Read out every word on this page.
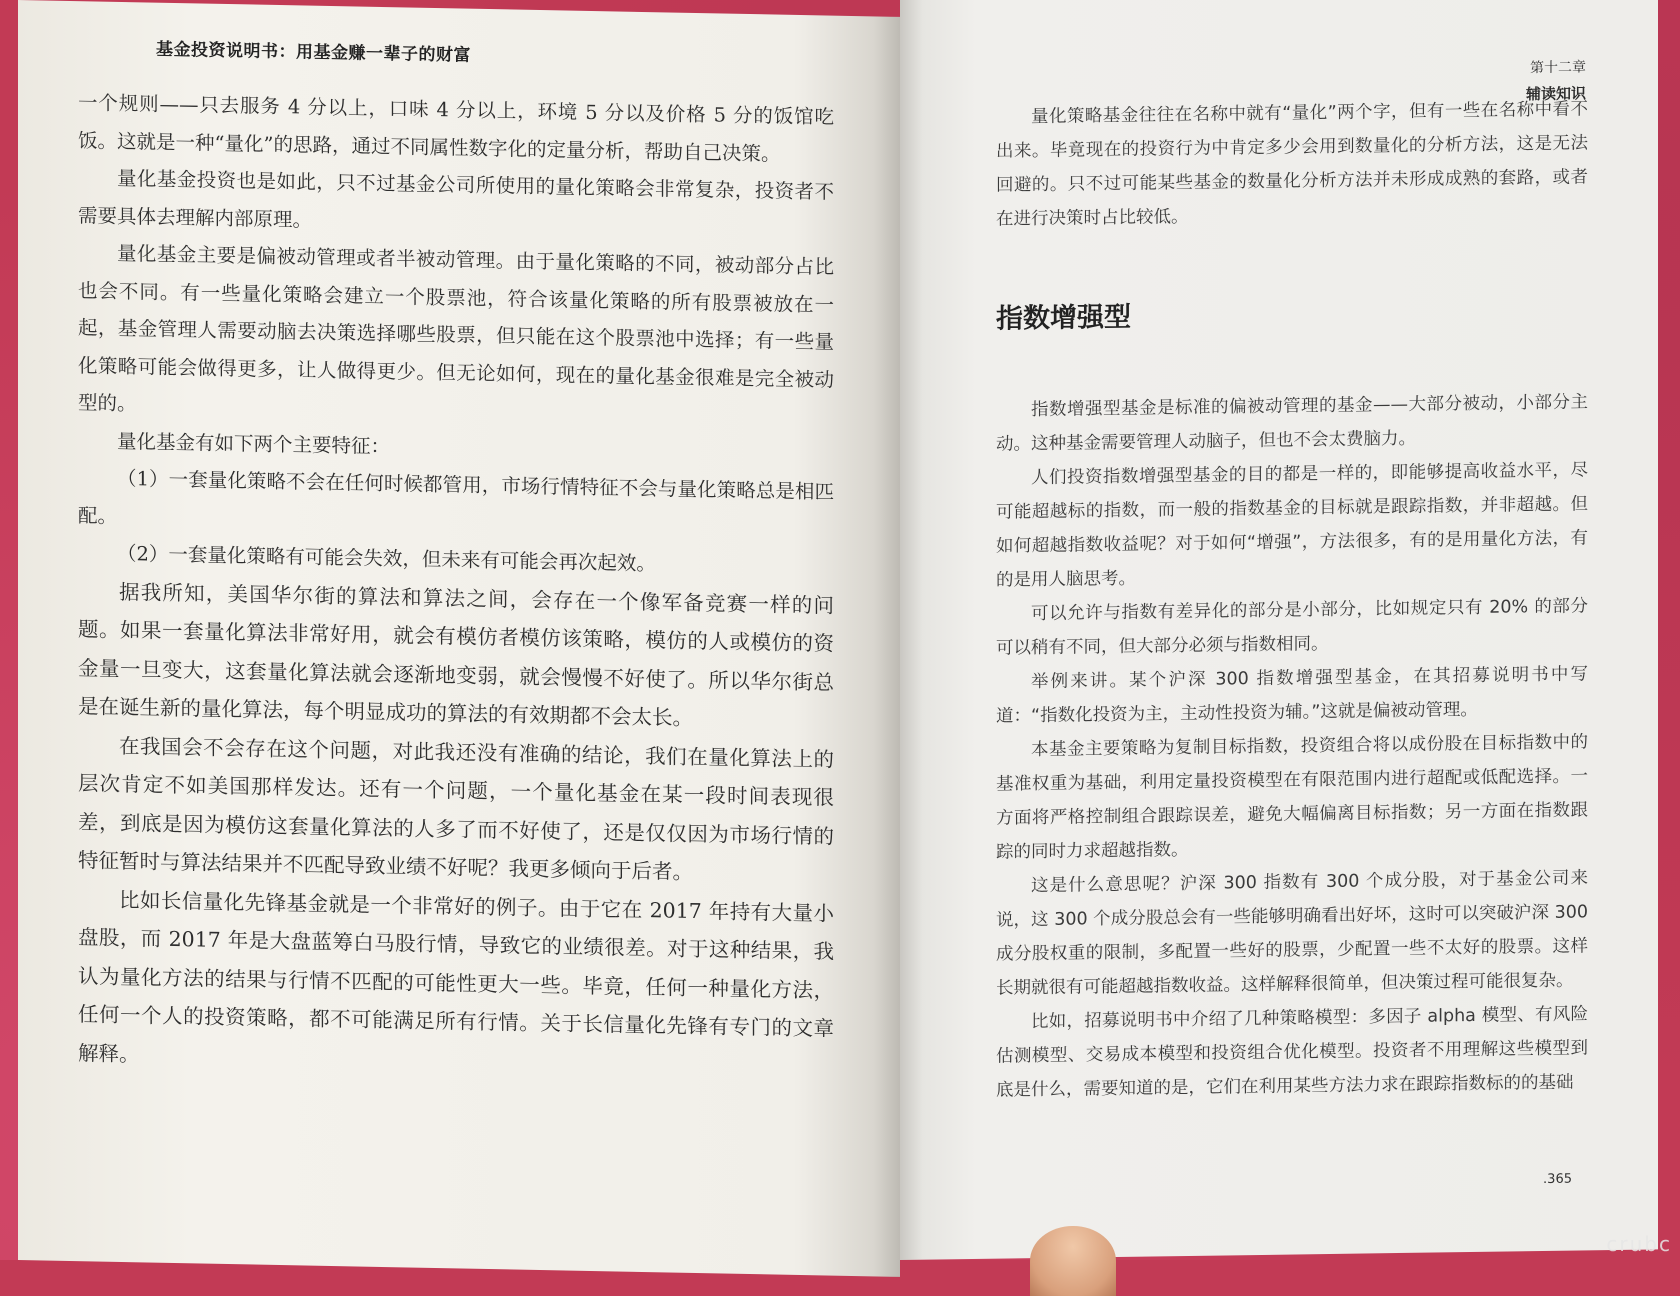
基金投资说明书：用基金赚一辈子的财富

一个规则——只去服务 4 分以上，口味 4 分以上，环境 5 分以及价格 5 分的饭馆吃饭。这就是一种“量化”的思路，通过不同属性数字化的定量分析，帮助自己决策。

量化基金投资也是如此，只不过基金公司所使用的量化策略会非常复杂，投资者不需要具体去理解内部原理。

量化基金主要是偏被动管理或者半被动管理。由于量化策略的不同，被动部分占比也会不同。有一些量化策略会建立一个股票池，符合该量化策略的所有股票被放在一起，基金管理人需要动脑去决策选择哪些股票，但只能在这个股票池中选择；有一些量化策略可能会做得更多，让人做得更少。但无论如何，现在的量化基金很难是完全被动型的。

量化基金有如下两个主要特征：

（1）一套量化策略不会在任何时候都管用，市场行情特征不会与量化策略总是相匹配。

（2）一套量化策略有可能会失效，但未来有可能会再次起效。

据我所知，美国华尔街的算法和算法之间，会存在一个像军备竞赛一样的问题。如果一套量化算法非常好用，就会有模仿者模仿该策略，模仿的人或模仿的资金量一旦变大，这套量化算法就会逐渐地变弱，就会慢慢不好使了。所以华尔街总是在诞生新的量化算法，每个明显成功的算法的有效期都不会太长。

在我国会不会存在这个问题，对此我还没有准确的结论，我们在量化算法上的层次肯定不如美国那样发达。还有一个问题，一个量化基金在某一段时间表现很差，到底是因为模仿这套量化算法的人多了而不好使了，还是仅仅因为市场行情的特征暂时与算法结果并不匹配导致业绩不好呢？我更多倾向于后者。

比如长信量化先锋基金就是一个非常好的例子。由于它在 2017 年持有大量小盘股，而 2017 年是大盘蓝筹白马股行情，导致它的业绩很差。对于这种结果，我认为量化方法的结果与行情不匹配的可能性更大一些。毕竟，任何一种量化方法，任何一个人的投资策略，都不可能满足所有行情。关于长信量化先锋有专门的文章解释。

第十二章
辅读知识

量化策略基金往往在名称中就有“量化”两个字，但有一些在名称中看不出来。毕竟现在的投资行为中肯定多少会用到数量化的分析方法，这是无法回避的。只不过可能某些基金的数量化分析方法并未形成成熟的套路，或者在进行决策时占比较低。

指数增强型

指数增强型基金是标准的偏被动管理的基金——大部分被动，小部分主动。这种基金需要管理人动脑子，但也不会太费脑力。

人们投资指数增强型基金的目的都是一样的，即能够提高收益水平，尽可能超越标的指数，而一般的指数基金的目标就是跟踪指数，并非超越。但如何超越指数收益呢？对于如何“增强”，方法很多，有的是用量化方法，有的是用人脑思考。

可以允许与指数有差异化的部分是小部分，比如规定只有 20% 的部分可以稍有不同，但大部分必须与指数相同。

举例来讲。某个沪深 300 指数增强型基金，在其招募说明书中写道：“指数化投资为主，主动性投资为辅。”这就是偏被动管理。

本基金主要策略为复制目标指数，投资组合将以成份股在目标指数中的基准权重为基础，利用定量投资模型在有限范围内进行超配或低配选择。一方面将严格控制组合跟踪误差，避免大幅偏离目标指数；另一方面在指数跟踪的同时力求超越指数。

这是什么意思呢？沪深 300 指数有 300 个成分股，对于基金公司来说，这 300 个成分股总会有一些能够明确看出好坏，这时可以突破沪深 300 成分股权重的限制，多配置一些好的股票，少配置一些不太好的股票。这样长期就很有可能超越指数收益。这样解释很简单，但决策过程可能很复杂。

比如，招募说明书中介绍了几种策略模型：多因子 alpha 模型、有风险估测模型、交易成本模型和投资组合优化模型。投资者不用理解这些模型到底是什么，需要知道的是，它们在利用某些方法力求在跟踪指数标的的基础

.365
crubc
